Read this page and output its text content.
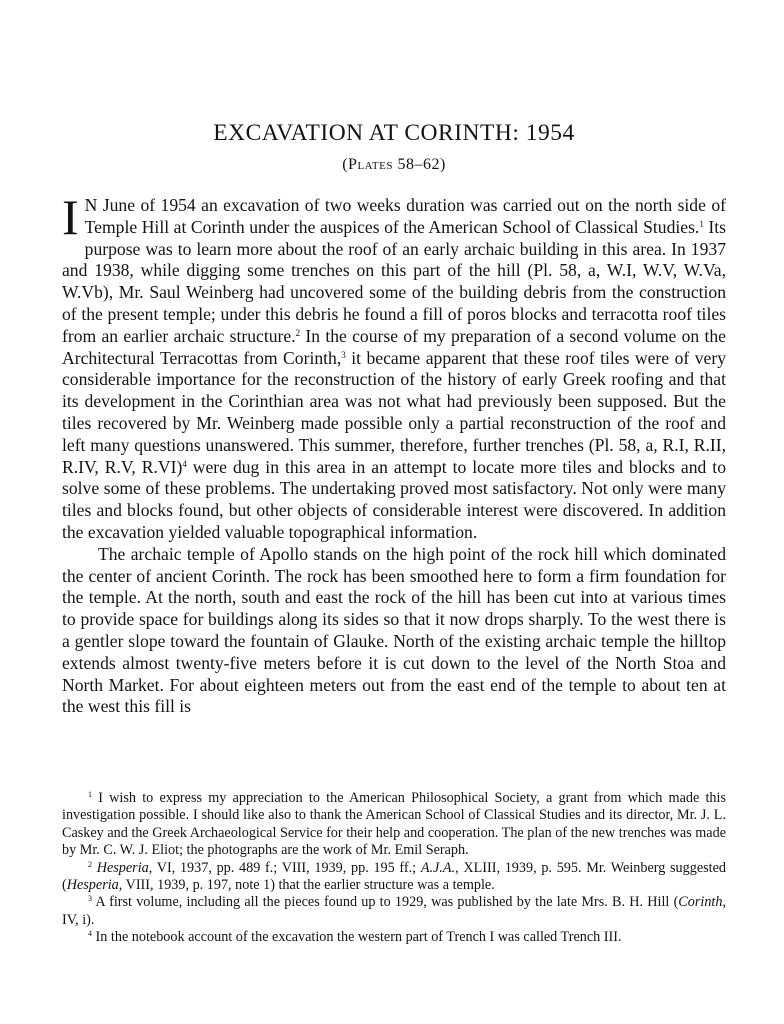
EXCAVATION AT CORINTH: 1954
(Plates 58–62)

I N June of 1954 an excavation of two weeks duration was carried out on the north side of Temple Hill at Corinth under the auspices of the American School of Classical Studies.$^1$ Its purpose was to learn more about the roof of an early archaic building in this area. In 1937 and 1938, while digging some trenches on this part of the hill (Pl. 58, a, W.I, W.V, W.Va, W.Vb), Mr. Saul Weinberg had uncovered some of the building debris from the construction of the present temple; under this debris he found a fill of poros blocks and terracotta roof tiles from an earlier archaic structure.$^2$ In the course of my preparation of a second volume on the Architectural Terracottas from Corinth,$^3$ it became apparent that these roof tiles were of very considerable importance for the reconstruction of the history of early Greek roofing and that its development in the Corinthian area was not what had previously been supposed. But the tiles recovered by Mr. Weinberg made possible only a partial reconstruction of the roof and left many questions unanswered. This summer, therefore, further trenches (Pl. 58, a, R.I, R.II, R.IV, R.V, R.VI)$^4$ were dug in this area in an attempt to locate more tiles and blocks and to solve some of these problems. The undertaking proved most satisfactory. Not only were many tiles and blocks found, but other objects of considerable interest were discovered. In addition the excavation yielded valuable topographical information.

The archaic temple of Apollo stands on the high point of the rock hill which dominated the center of ancient Corinth. The rock has been smoothed here to form a firm foundation for the temple. At the north, south and east the rock of the hill has been cut into at various times to provide space for buildings along its sides so that it now drops sharply. To the west there is a gentler slope toward the fountain of Glauke. North of the existing archaic temple the hilltop extends almost twenty-five meters before it is cut down to the level of the North Stoa and North Market. For about eighteen meters out from the east end of the temple to about ten at the west this fill is

$^1$ I wish to express my appreciation to the American Philosophical Society, a grant from which made this investigation possible. I should like also to thank the American School of Classical Studies and its director, Mr. J. L. Caskey and the Greek Archaeological Service for their help and cooperation. The plan of the new trenches was made by Mr. C. W. J. Eliot; the photographs are the work of Mr. Emil Seraph.

$^2$ Hesperia, VI, 1937, pp. 489 f.; VIII, 1939, pp. 195 ff.; A.J.A., XLIII, 1939, p. 595. Mr. Weinberg suggested (Hesperia, VIII, 1939, p. 197, note 1) that the earlier structure was a temple.

$^3$ A first volume, including all the pieces found up to 1929, was published by the late Mrs. B. H. Hill (Corinth, IV, i).

$^4$ In the notebook account of the excavation the western part of Trench I was called Trench III.
